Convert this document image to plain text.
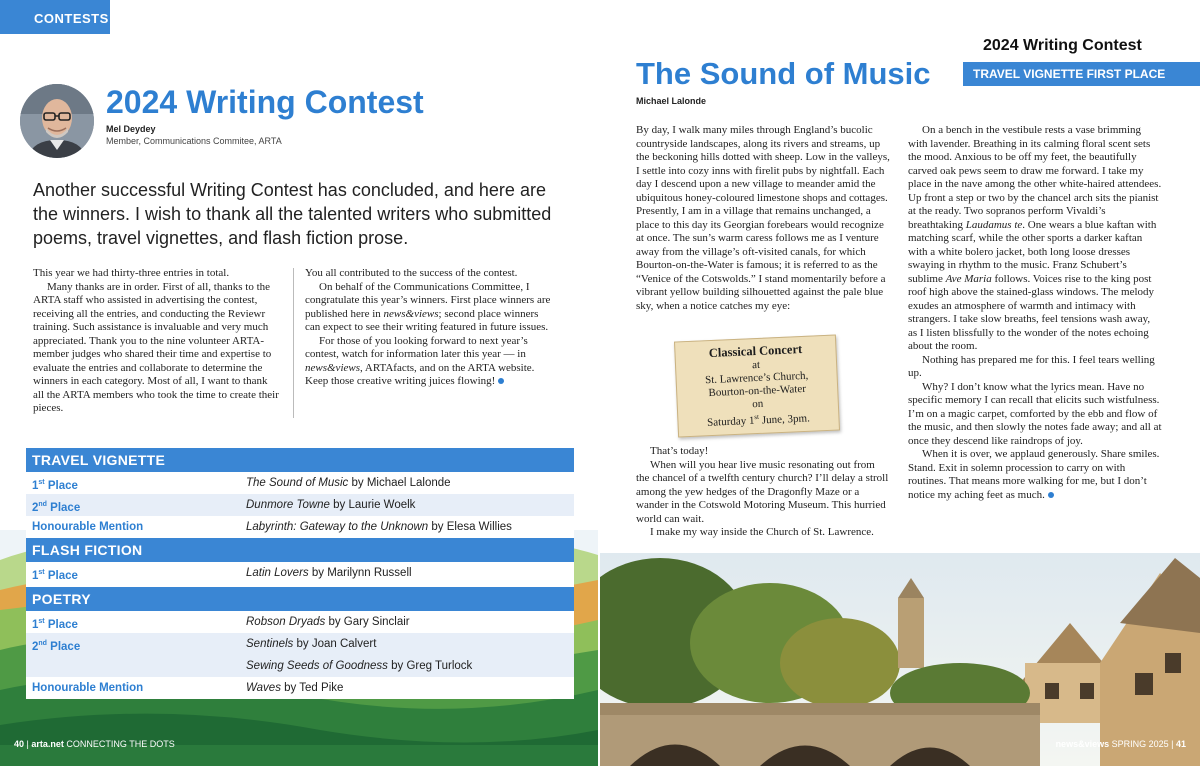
CONTESTS
2024 Writing Contest
Mel Deydey
Member, Communications Commitee, ARTA
Another successful Writing Contest has concluded, and here are the winners. I wish to thank all the talented writers who submitted poems, travel vignettes, and flash fiction prose.

This year we had thirty-three entries in total.

Many thanks are in order. First of all, thanks to the ARTA staff who assisted in advertising the contest, receiving all the entries, and conducting the Reviewr training. Such assistance is invaluable and very much appreciated. Thank you to the nine volunteer ARTA-member judges who shared their time and expertise to evaluate the entries and collaborate to determine the winners in each category. Most of all, I want to thank all the ARTA members who took the time to create their pieces.

You all contributed to the success of the contest.

On behalf of the Communications Committee, I congratulate this year’s winners. First place winners are published here in news&views; second place winners can expect to see their writing featured in future issues.

For those of you looking forward to next year’s contest, watch for information later this year — in news&views, ARTAfacts, and on the ARTA website. Keep those creative writing juices flowing!

TRAVEL VIGNETTE
1st Place	The Sound of Music by Michael Lalonde
2nd Place	Dunmore Towne by Laurie Woelk
Honourable Mention	Labyrinth: Gateway to the Unknown by Elesa Willies
FLASH FICTION
1st Place	Latin Lovers by Marilynn Russell
POETRY
1st Place	Robson Dryads by Gary Sinclair
2nd Place	Sentinels by Joan Calvert
Sewing Seeds of Goodness by Greg Turlock
Honourable Mention	Waves by Ted Pike
40 | arta.net CONNECTING THE DOTS
2024 Writing Contest
TRAVEL VIGNETTE FIRST PLACE
The Sound of Music
Michael Lalonde

By day, I walk many miles through England’s bucolic countryside landscapes, along its rivers and streams, up the beckoning hills dotted with sheep. Low in the valleys, I settle into cozy inns with firelit pubs by nightfall. Each day I descend upon a new village to meander amid the ubiquitous honey-coloured limestone shops and cottages. Presently, I am in a village that remains unchanged, a place to this day its Georgian forebears would recognize at once. The sun’s warm caress follows me as I venture away from the village’s oft-visited canals, for which Bourton-on-the-Water is famous; it is referred to as the “Venice of the Cotswolds.” I stand momentarily before a vibrant yellow building silhouetted against the pale blue sky, when a notice catches my eye:

Classical Concert
at
St. Lawrence’s Church,
Bourton-on-the-Water
on
Saturday 1st June, 3pm.

That’s today!

When will you hear live music resonating out from the chancel of a twelfth century church? I’ll delay a stroll among the yew hedges of the Dragonfly Maze or a wander in the Cotswold Motoring Museum. This hurried world can wait.

I make my way inside the Church of St. Lawrence.

On a bench in the vestibule rests a vase brimming with lavender. Breathing in its calming floral scent sets the mood. Anxious to be off my feet, the beautifully carved oak pews seem to draw me forward. I take my place in the nave among the other white-haired attendees. Up front a step or two by the chancel arch sits the pianist at the ready. Two sopranos perform Vivaldi’s breathtaking Laudamus te. One wears a blue kaftan with matching scarf, while the other sports a darker kaftan with a white bolero jacket, both long loose dresses swaying in rhythm to the music. Franz Schubert’s sublime Ave Maria follows. Voices rise to the king post roof high above the stained-glass windows. The melody exudes an atmosphere of warmth and intimacy with strangers. I take slow breaths, feel tensions wash away, as I listen blissfully to the wonder of the notes echoing about the room.

Nothing has prepared me for this. I feel tears welling up.

Why? I don’t know what the lyrics mean. Have no specific memory I can recall that elicits such wistfulness. I’m on a magic carpet, comforted by the ebb and flow of the music, and then slowly the notes fade away; and all at once they descend like raindrops of joy.

When it is over, we applaud generously. Share smiles. Stand. Exit in solemn procession to carry on with routines. That means more walking for me, but I don’t notice my aching feet as much.

news&views SPRING 2025 | 41
